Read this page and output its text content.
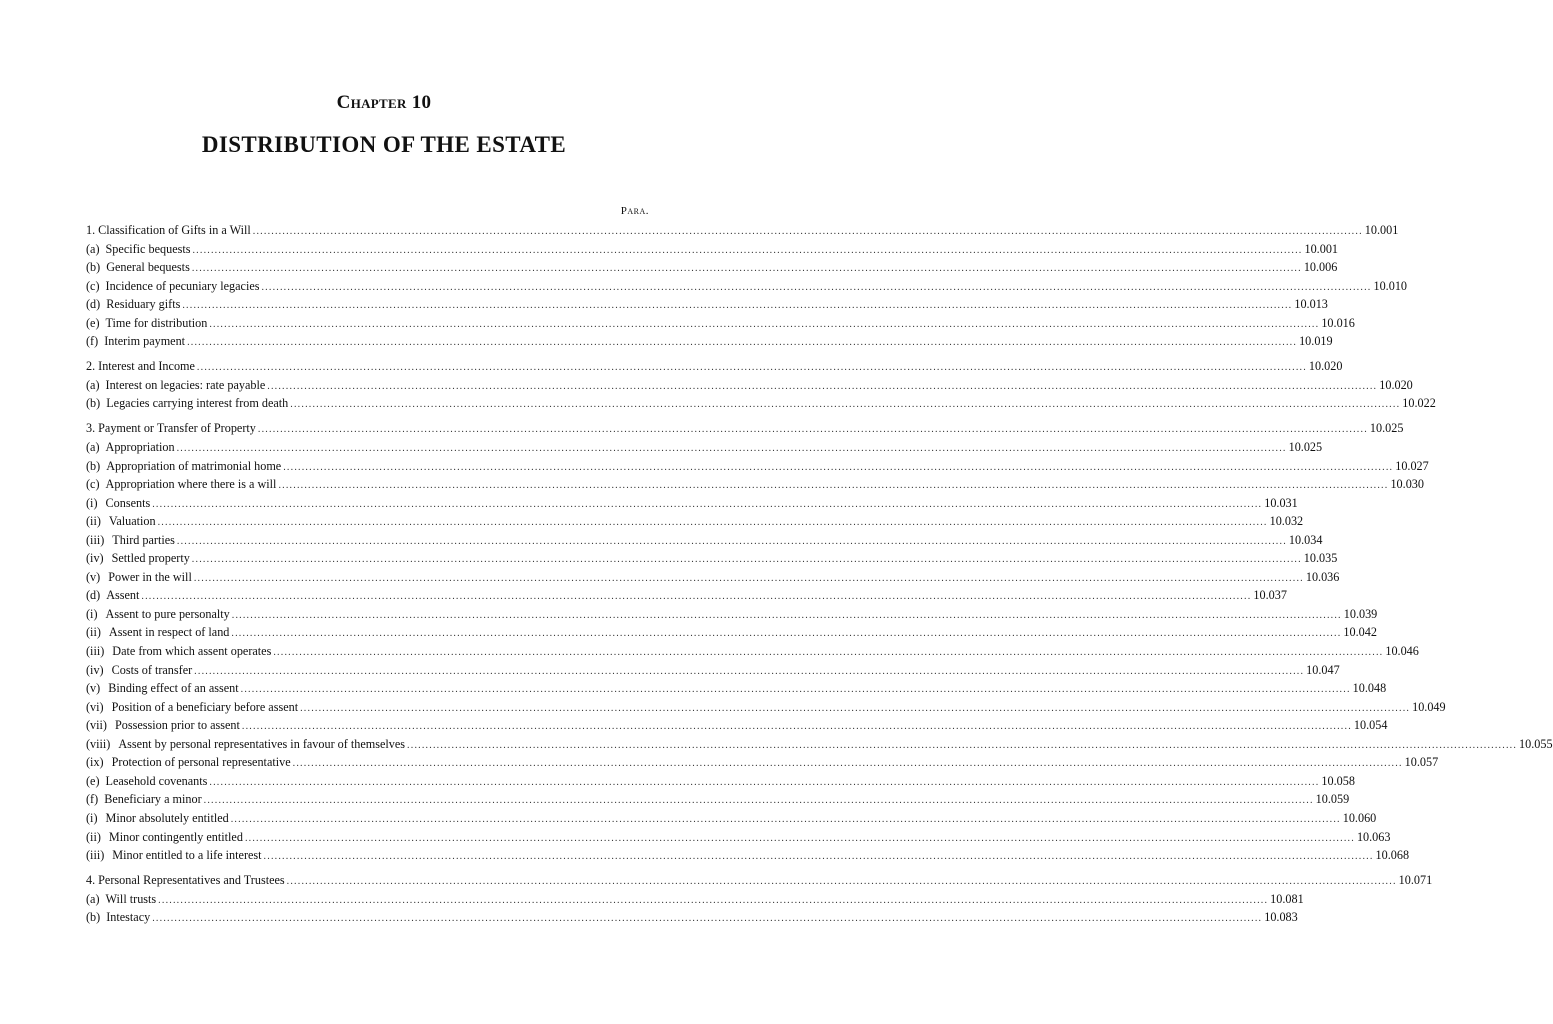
Chapter 10
DISTRIBUTION OF THE ESTATE
Para.
1. Classification of Gifts in a Will ............................................................................................................................................................................................................................................................................................................ 10.001
(a) Specific bequests ............................................................................................................................................................................................................................................................................................................ 10.001
(b) General bequests ............................................................................................................................................................................................................................................................................................................ 10.006
(c) Incidence of pecuniary legacies ............................................................................................................................................................................................................................................................................................................ 10.010
(d) Residuary gifts ............................................................................................................................................................................................................................................................................................................ 10.013
(e) Time for distribution ............................................................................................................................................................................................................................................................................................................ 10.016
(f) Interim payment ............................................................................................................................................................................................................................................................................................................ 10.019
2. Interest and Income ............................................................................................................................................................................................................................................................................................................ 10.020
(a) Interest on legacies: rate payable ............................................................................................................................................................................................................................................................................................................ 10.020
(b) Legacies carrying interest from death ............................................................................................................................................................................................................................................................................................................ 10.022
3. Payment or Transfer of Property ............................................................................................................................................................................................................................................................................................................ 10.025
(a) Appropriation ............................................................................................................................................................................................................................................................................................................ 10.025
(b) Appropriation of matrimonial home ............................................................................................................................................................................................................................................................................................................ 10.027
(c) Appropriation where there is a will ............................................................................................................................................................................................................................................................................................................ 10.030
(i) Consents ............................................................................................................................................................................................................................................................................................................ 10.031
(ii) Valuation ............................................................................................................................................................................................................................................................................................................ 10.032
(iii) Third parties ............................................................................................................................................................................................................................................................................................................ 10.034
(iv) Settled property ............................................................................................................................................................................................................................................................................................................ 10.035
(v) Power in the will ............................................................................................................................................................................................................................................................................................................ 10.036
(d) Assent ............................................................................................................................................................................................................................................................................................................ 10.037
(i) Assent to pure personalty ............................................................................................................................................................................................................................................................................................................ 10.039
(ii) Assent in respect of land ............................................................................................................................................................................................................................................................................................................ 10.042
(iii) Date from which assent operates ............................................................................................................................................................................................................................................................................................................ 10.046
(iv) Costs of transfer ............................................................................................................................................................................................................................................................................................................ 10.047
(v) Binding effect of an assent ............................................................................................................................................................................................................................................................................................................ 10.048
(vi) Position of a beneficiary before assent ............................................................................................................................................................................................................................................................................................................ 10.049
(vii) Possession prior to assent ............................................................................................................................................................................................................................................................................................................ 10.054
(viii) Assent by personal representatives in favour of themselves ............................................................................................................................................................................................................................................................................................................ 10.055
(ix) Protection of personal representative ............................................................................................................................................................................................................................................................................................................ 10.057
(e) Leasehold covenants ............................................................................................................................................................................................................................................................................................................ 10.058
(f) Beneficiary a minor ............................................................................................................................................................................................................................................................................................................ 10.059
(i) Minor absolutely entitled ............................................................................................................................................................................................................................................................................................................ 10.060
(ii) Minor contingently entitled ............................................................................................................................................................................................................................................................................................................ 10.063
(iii) Minor entitled to a life interest ............................................................................................................................................................................................................................................................................................................ 10.068
4. Personal Representatives and Trustees ............................................................................................................................................................................................................................................................................................................ 10.071
(a) Will trusts ............................................................................................................................................................................................................................................................................................................ 10.081
(b) Intestacy ............................................................................................................................................................................................................................................................................................................ 10.083
